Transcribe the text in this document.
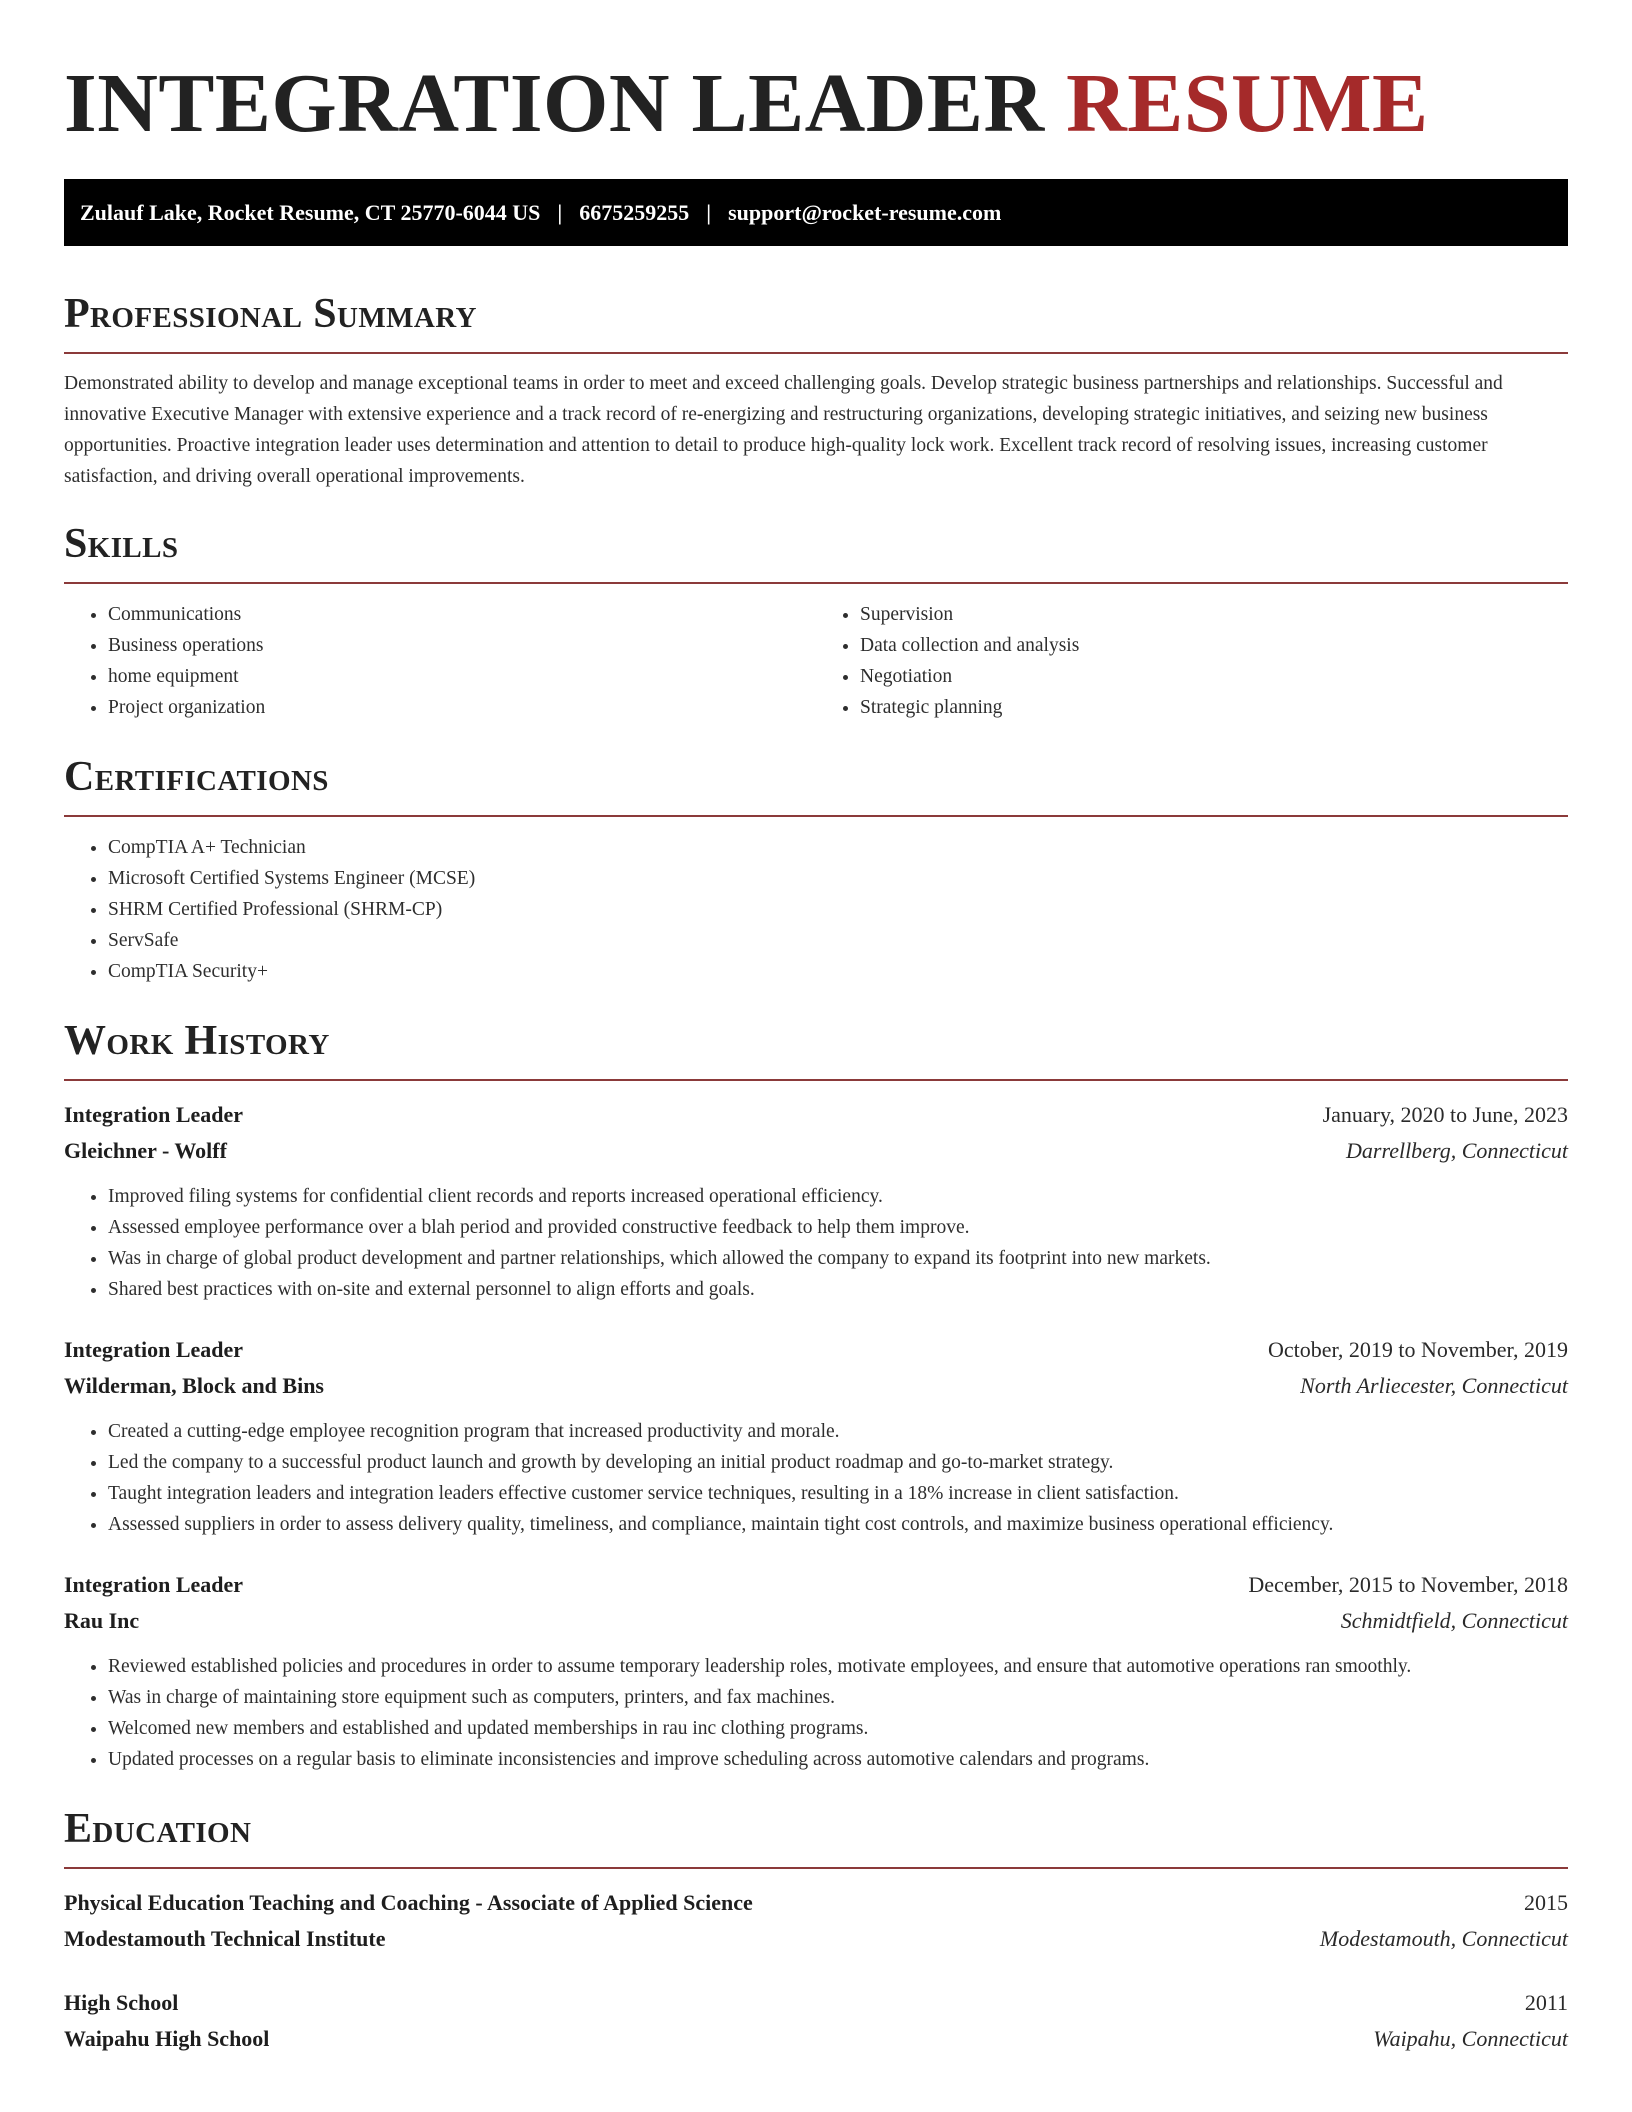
INTEGRATION LEADER RESUME
Zulauf Lake, Rocket Resume, CT 25770-6044 US | 6675259255 | support@rocket-resume.com
Professional Summary

Demonstrated ability to develop and manage exceptional teams in order to meet and exceed challenging goals. Develop strategic business partnerships and relationships. Successful and innovative Executive Manager with extensive experience and a track record of re-energizing and restructuring organizations, developing strategic initiatives, and seizing new business opportunities. Proactive integration leader uses determination and attention to detail to produce high-quality lock work. Excellent track record of resolving issues, increasing customer satisfaction, and driving overall operational improvements.

Skills
• Communications
• Business operations
• home equipment
• Project organization
• Supervision
• Data collection and analysis
• Negotiation
• Strategic planning
Certifications
• CompTIA A+ Technician
• Microsoft Certified Systems Engineer (MCSE)
• SHRM Certified Professional (SHRM-CP)
• ServSafe
• CompTIA Security+
Work History
Integration Leader	January, 2020 to June, 2023
Gleichner - Wolff	Darrellberg, Connecticut
• Improved filing systems for confidential client records and reports increased operational efficiency.
• Assessed employee performance over a blah period and provided constructive feedback to help them improve.
• Was in charge of global product development and partner relationships, which allowed the company to expand its footprint into new markets.
• Shared best practices with on-site and external personnel to align efforts and goals.
Integration Leader	October, 2019 to November, 2019
Wilderman, Block and Bins	North Arliecester, Connecticut
• Created a cutting-edge employee recognition program that increased productivity and morale.
• Led the company to a successful product launch and growth by developing an initial product roadmap and go-to-market strategy.
• Taught integration leaders and integration leaders effective customer service techniques, resulting in a 18% increase in client satisfaction.
• Assessed suppliers in order to assess delivery quality, timeliness, and compliance, maintain tight cost controls, and maximize business operational efficiency.
Integration Leader	December, 2015 to November, 2018
Rau Inc	Schmidtfield, Connecticut
• Reviewed established policies and procedures in order to assume temporary leadership roles, motivate employees, and ensure that automotive operations ran smoothly.
• Was in charge of maintaining store equipment such as computers, printers, and fax machines.
• Welcomed new members and established and updated memberships in rau inc clothing programs.
• Updated processes on a regular basis to eliminate inconsistencies and improve scheduling across automotive calendars and programs.
Education
Physical Education Teaching and Coaching - Associate of Applied Science	2015
Modestamouth Technical Institute	Modestamouth, Connecticut
High School	2011
Waipahu High School	Waipahu, Connecticut
